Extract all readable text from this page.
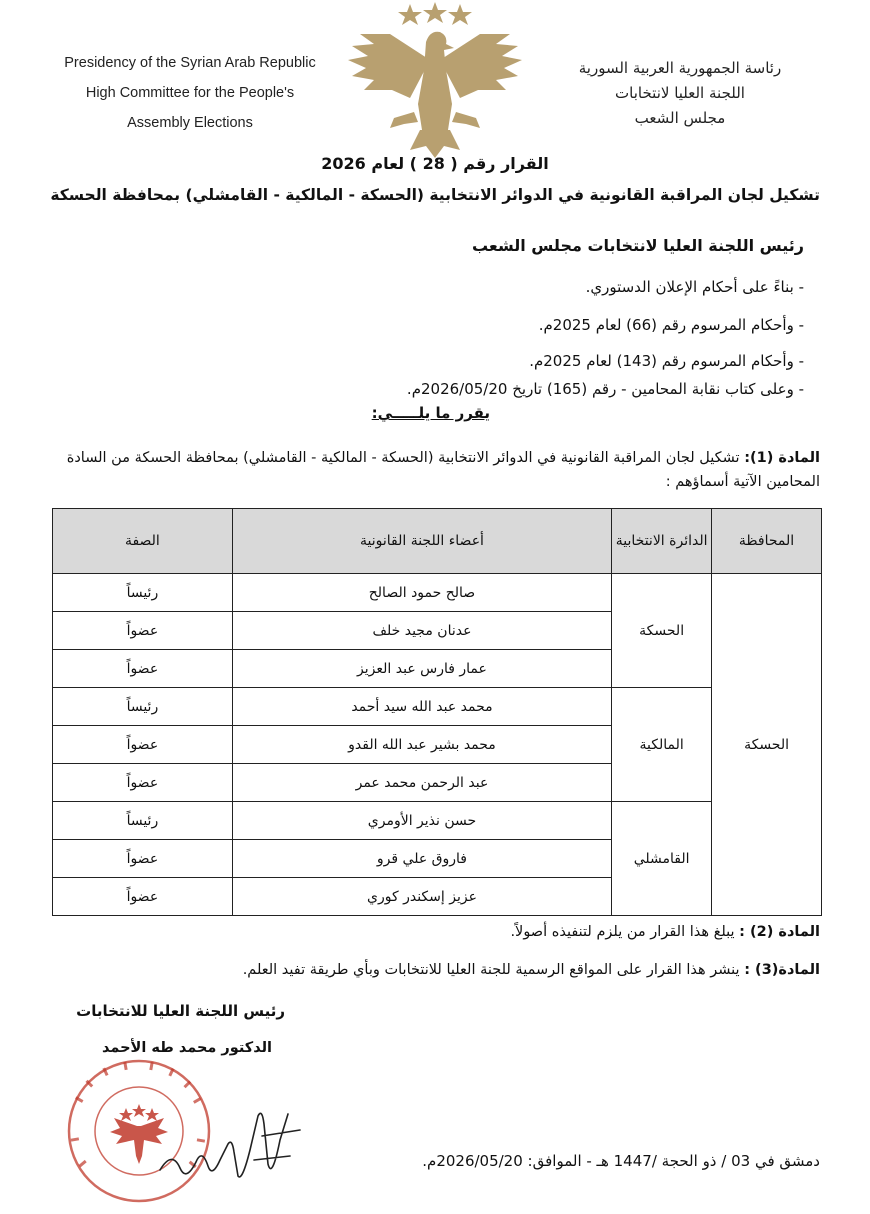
Presidency of the Syrian Arab Republic
High Committee for the People's
Assembly Elections
رئاسة الجمهورية العربية السورية
اللجنة العليا لانتخابات
مجلس الشعب
القرار رقم ( 28 ) لعام 2026
تشكيل لجان المراقبة القانونية في الدوائر الانتخابية (الحسكة - المالكية - القامشلي) بمحافظة الحسكة
رئيس اللجنة العليا لانتخابات مجلس الشعب
- بناءً على أحكام الإعلان الدستوري.
- وأحكام المرسوم رقم (66) لعام 2025م.
- وأحكام المرسوم رقم (143) لعام 2025م.
- وعلى كتاب نقابة المحامين - رقم (165) تاريخ 2026/05/20م.
يقرر ما يلـــــي:
المادة (1): تشكيل لجان المراقبة القانونية في الدوائر الانتخابية (الحسكة - المالكية - القامشلي) بمحافظة الحسكة من السادة المحامين الآتية أسماؤهم :
المحافظة	الدائرة الانتخابية	أعضاء اللجنة القانونية	الصفة
الحسكة	الحسكة	صالح حمود الصالح	رئيساً
		عدنان مجيد خلف	عضواً
		عمار فارس عبد العزيز	عضواً
	المالكية	محمد عبد الله سيد أحمد	رئيساً
		محمد بشير عبد الله القدو	عضواً
		عبد الرحمن محمد عمر	عضواً
	القامشلي	حسن نذير الأومري	رئيساً
		فاروق علي قرو	عضواً
		عزيز إسكندر كوري	عضواً
المادة (2) : يبلغ هذا القرار من يلزم لتنفيذه أصولاً.
المادة(3) : ينشر هذا القرار على المواقع الرسمية للجنة العليا للانتخابات وبأي طريقة تفيد العلم.
رئيس اللجنة العليا للانتخابات
الدكتور محمد طه الأحمد
دمشق في 03 / ذو الحجة /1447 هـ - الموافق: 2026/05/20م.
